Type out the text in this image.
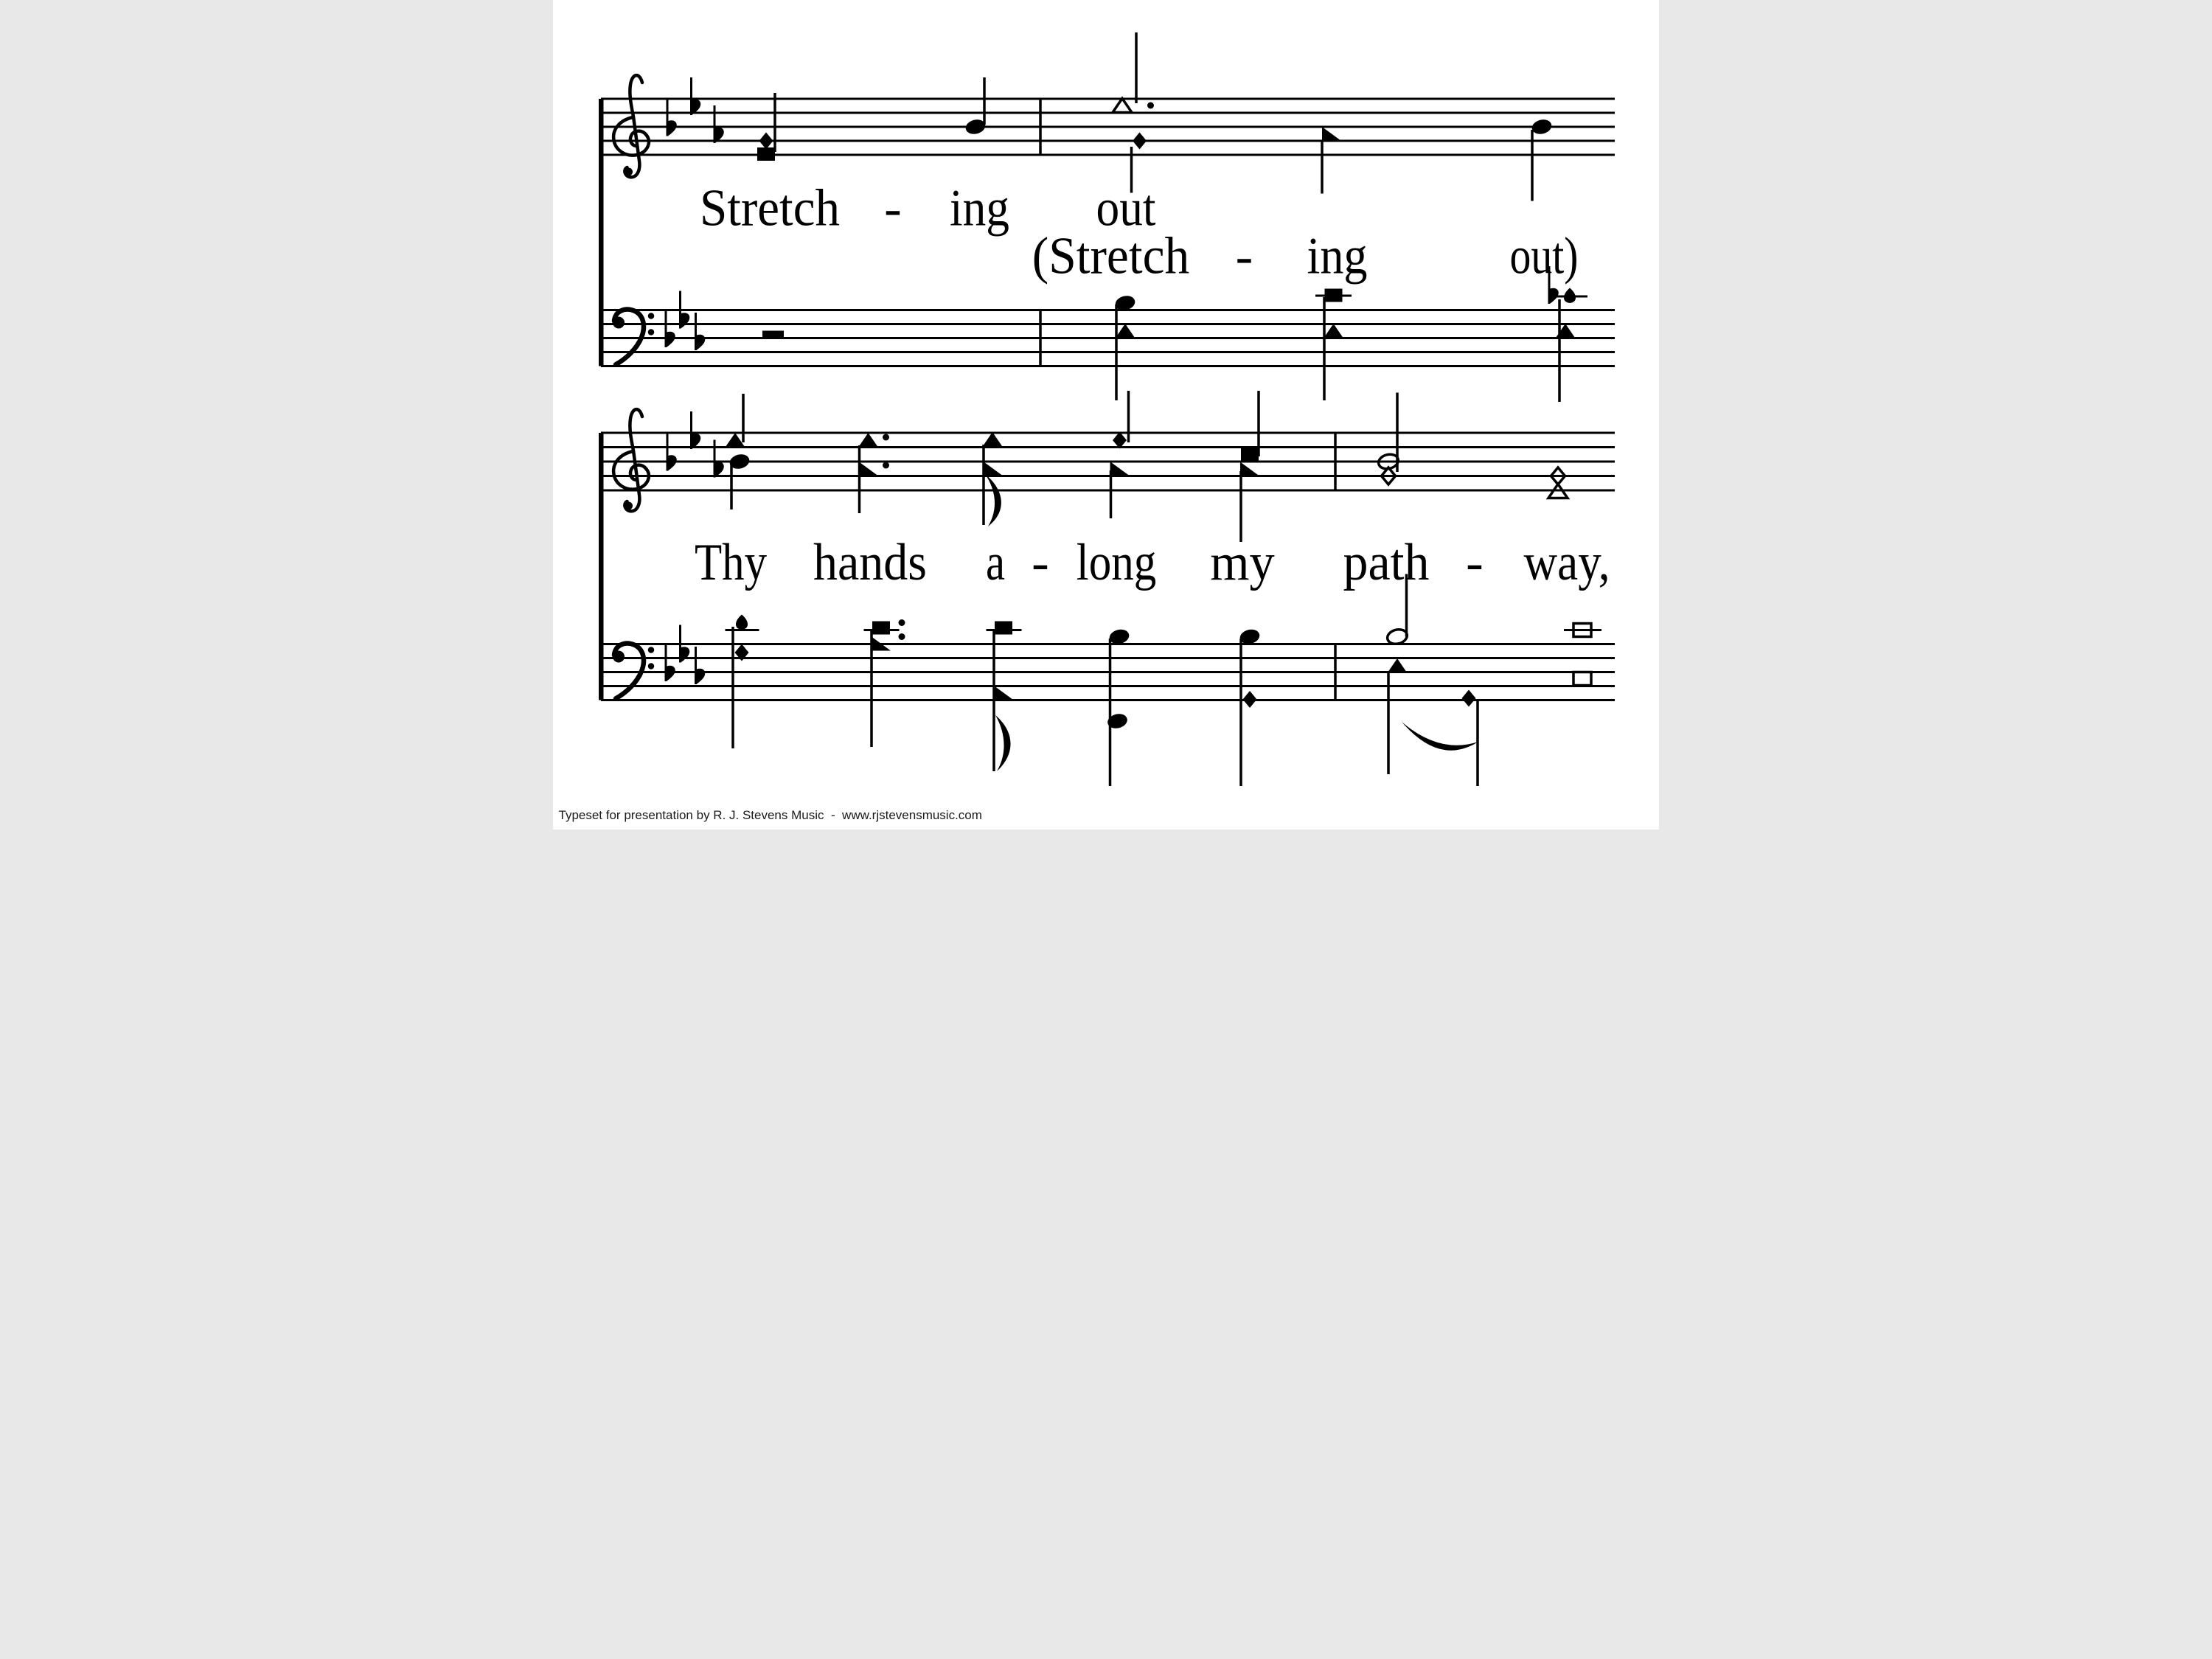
Stretch - ing out
(Stretch - ing out)
Thy hands a - long my path - way,
Typeset for presentation by R. J. Stevens Music  -  www.rjstevensmusic.com
